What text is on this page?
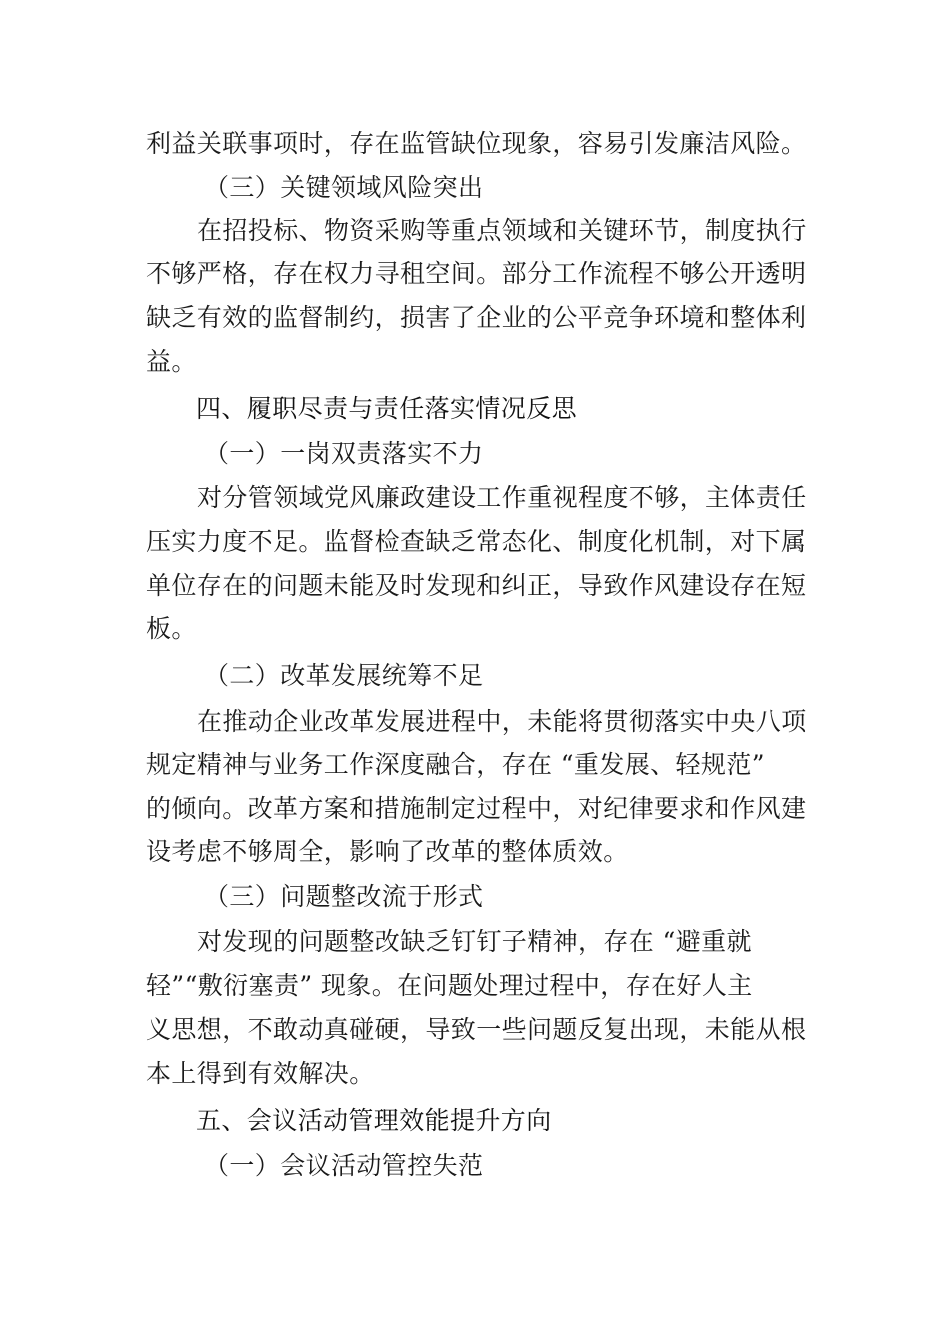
利益关联事项时，存在监管缺位现象，容易引发廉洁风险。
（三）关键领域风险突出
在招投标、物资采购等重点领域和关键环节，制度执行
不够严格，存在权力寻租空间。部分工作流程不够公开透明
缺乏有效的监督制约，损害了企业的公平竞争环境和整体利
益。
四、履职尽责与责任落实情况反思
（一）一岗双责落实不力
对分管领域党风廉政建设工作重视程度不够，主体责任
压实力度不足。监督检查缺乏常态化、制度化机制，对下属
单位存在的问题未能及时发现和纠正，导致作风建设存在短
板。
（二）改革发展统筹不足
在推动企业改革发展进程中，未能将贯彻落实中央八项
规定精神与业务工作深度融合，存在 “重发展、轻规范”
的倾向。改革方案和措施制定过程中，对纪律要求和作风建
设考虑不够周全，影响了改革的整体质效。
（三）问题整改流于形式
对发现的问题整改缺乏钉钉子精神，存在 “避重就
轻”“敷衍塞责” 现象。在问题处理过程中，存在好人主
义思想，不敢动真碰硬，导致一些问题反复出现，未能从根
本上得到有效解决。
五、会议活动管理效能提升方向
（一）会议活动管控失范
